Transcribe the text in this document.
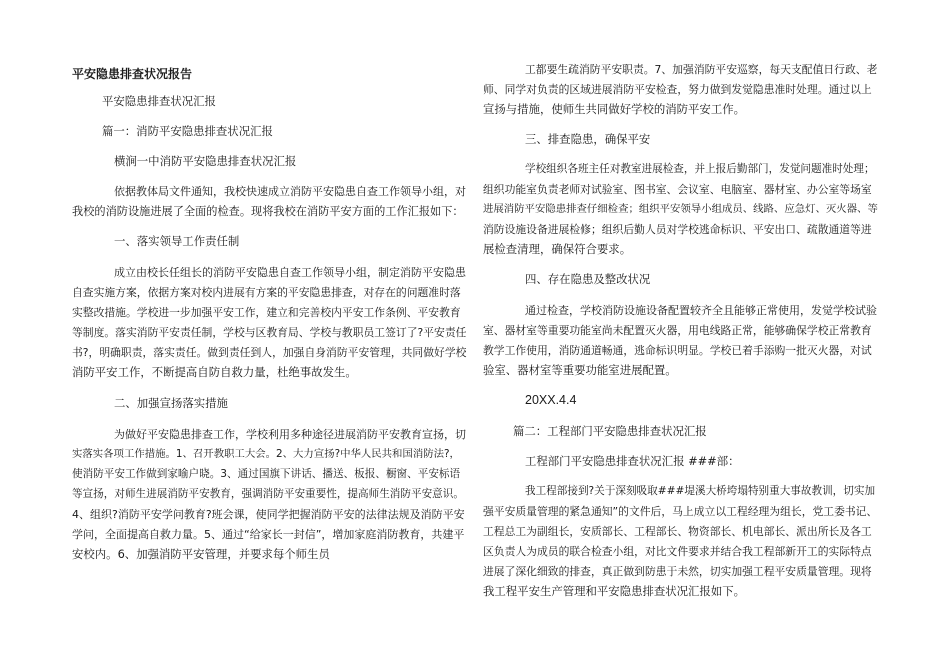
平安隐患排查状况报告
平安隐患排查状况汇报
篇一：消防平安隐患排查状况汇报
横涧一中消防平安隐患排查状况汇报
依据教体局文件通知，我校快速成立消防平安隐患自查工作领导小组，对
我校的消防设施进展了全面的检查。现将我校在消防平安方面的工作汇报如下：
一、落实领导工作责任制
成立由校长任组长的消防平安隐患自查工作领导小组，制定消防平安隐患
自查实施方案，依据方案对校内进展有方案的平安隐患排查，对存在的问题准时落
实整改措施。学校进一步加强平安工作，建立和完善校内平安工作条例、平安教育
等制度。落实消防平安责任制，学校与区教育局、学校与教职员工签订了?平安责任
书?，明确职责，落实责任。做到责任到人，加强自身消防平安管理，共同做好学校
消防平安工作，不断提高自防自救力量，杜绝事故发生。
二、加强宣扬落实措施
为做好平安隐患排查工作，学校利用多种途径进展消防平安教育宣扬，切
实落实各项工作措施。1、召开教职工大会。2、大力宣扬?中华人民共和国消防法?，
使消防平安工作做到家喻户晓。3、通过国旗下讲话、播送、板报、橱窗、平安标语
等宣扬，对师生进展消防平安教育，强调消防平安重要性，提高师生消防平安意识。
4、组织?消防平安学问教育?班会课，使同学把握消防平安的法律法规及消防平安
学问，全面提高自救力量。5、通过“给家长一封信”，增加家庭消防教育，共建平
安校内。6、加强消防平安管理，并要求每个师生员
工都要生疏消防平安职责。7、加强消防平安巡察，每天支配值日行政、老
师、同学对负责的区域进展消防平安检查，努力做到发觉隐患准时处理。通过以上
宣扬与措施，使师生共同做好学校的消防平安工作。
三、排查隐患，确保平安
学校组织各班主任对教室进展检查，并上报后勤部门，发觉问题准时处理；
组织功能室负责老师对试验室、图书室、会议室、电脑室、器材室、办公室等场室
进展消防平安隐患排查仔细检查；组织平安领导小组成员、线路、应急灯、灭火器、等
消防设施设备进展检修；组织后勤人员对学校逃命标识、平安出口、疏散通道等进
展检查清理，确保符合要求。
四、存在隐患及整改状况
通过检查，学校消防设施设备配置较齐全且能够正常使用，发觉学校试验
室、器材室等重要功能室尚未配置灭火器，用电线路正常，能够确保学校正常教育
教学工作使用，消防通道畅通，逃命标识明显。学校已着手添购一批灭火器，对试
验室、器材室等重要功能室进展配置。
20XX.4.4
篇二：工程部门平安隐患排查状况汇报
工程部门平安隐患排查状况汇报 ###部：
我工程部接到?关于深刻吸取###堤溪大桥垮塌特别重大事故教训，切实加
强平安质量管理的紧急通知”的文件后，马上成立以工程经理为组长，党工委书记、
工程总工为副组长，安质部长、工程部长、物资部长、机电部长、派出所长及各工
区负责人为成员的联合检查小组，对比文件要求并结合我工程部新开工的实际特点
进展了深化细致的排查，真正做到防患于未然，切实加强工程平安质量管理。现将
我工程平安生产管理和平安隐患排查状况汇报如下。
